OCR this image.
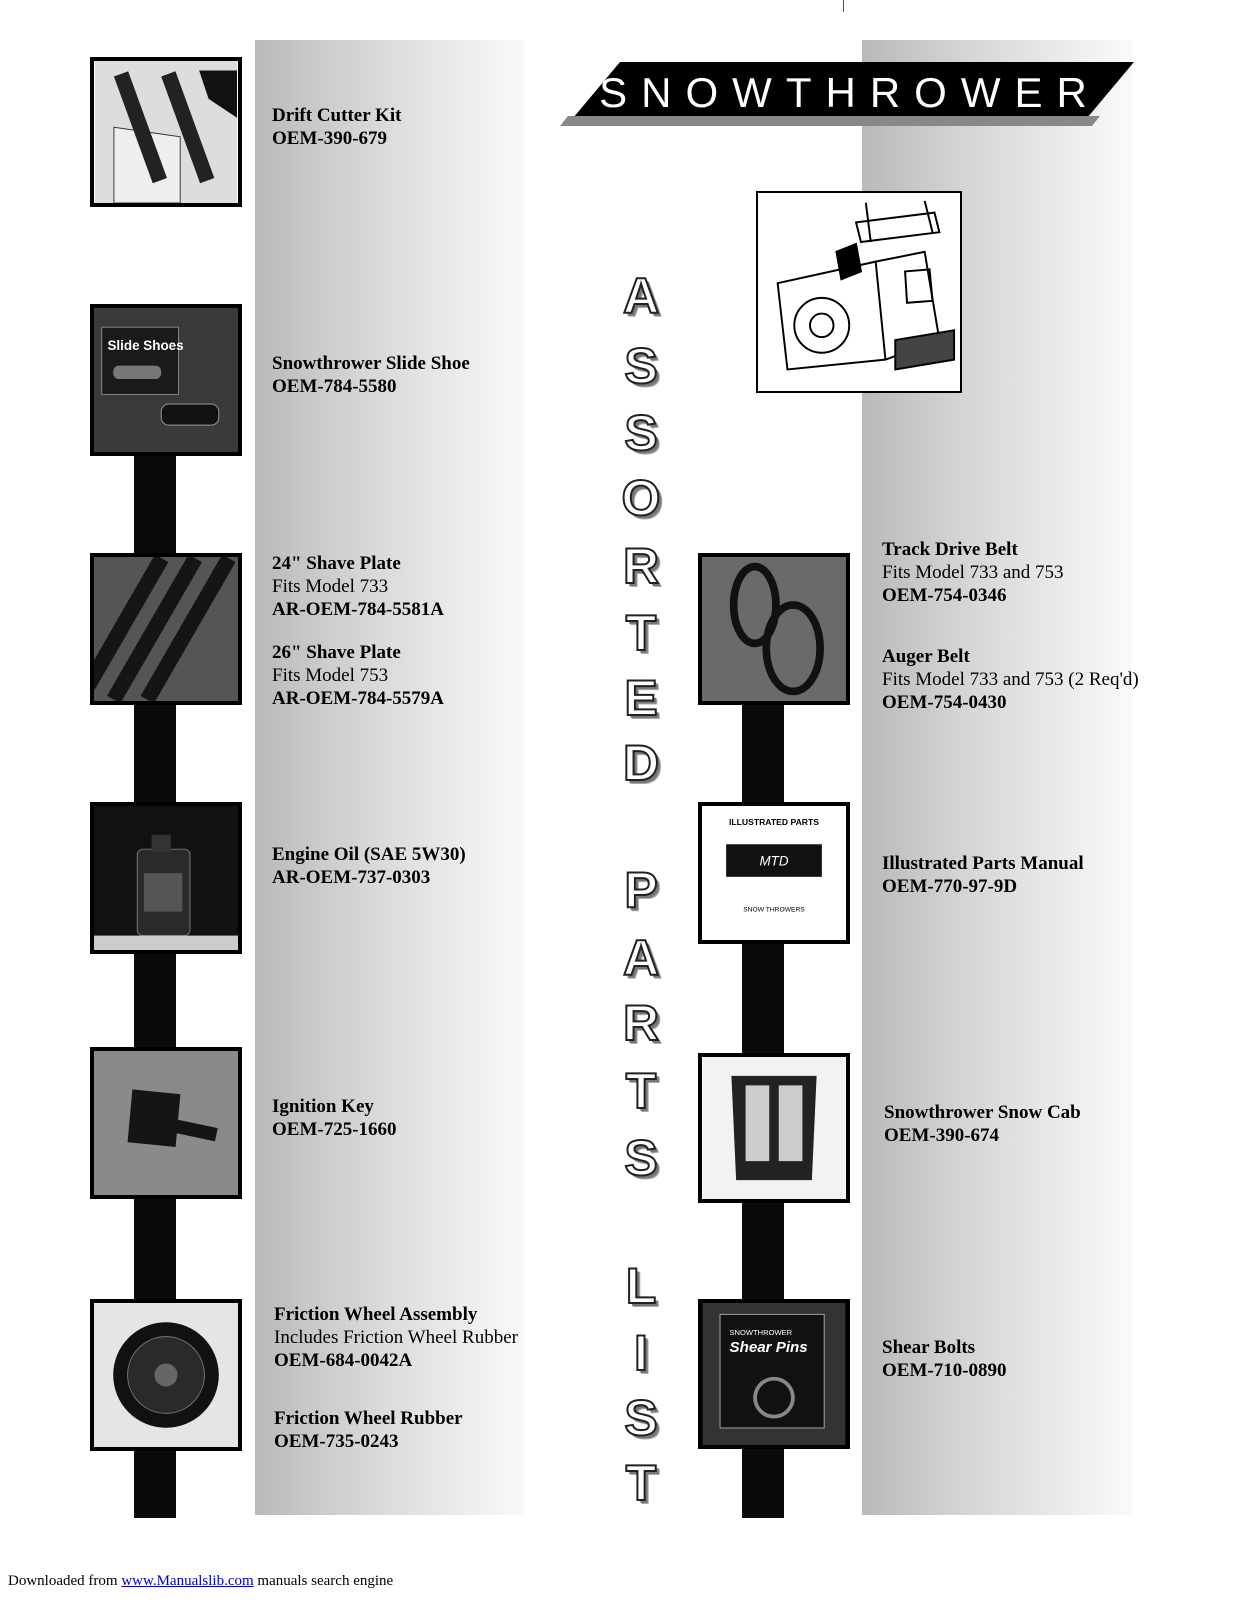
|
SNOWTHROWER
Slide Shoes
ILLUSTRATED PARTS
MTD
SNOW THROWERS
SNOWTHROWER
Shear Pins
Drift Cutter Kit
OEM-390-679
Snowthrower Slide Shoe
OEM-784-5580
24" Shave Plate
Fits Model 733
AR-OEM-784-5581A
26" Shave Plate
Fits Model 753
AR-OEM-784-5579A
Engine Oil (SAE 5W30)
AR-OEM-737-0303
Ignition Key
OEM-725-1660
Friction Wheel Assembly
Includes Friction Wheel Rubber
OEM-684-0042A
Friction Wheel Rubber
OEM-735-0243
Track Drive Belt
Fits Model 733 and 753
OEM-754-0346
Auger Belt
Fits Model 733 and 753 (2 Req'd)
OEM-754-0430
Illustrated Parts Manual
OEM-770-97-9D
Snowthrower Snow Cab
OEM-390-674
Shear Bolts
OEM-710-0890
A
S
S
O
R
T
E
D
P
A
R
T
S
L
I
S
T
Downloaded from www.Manualslib.com manuals search engine
